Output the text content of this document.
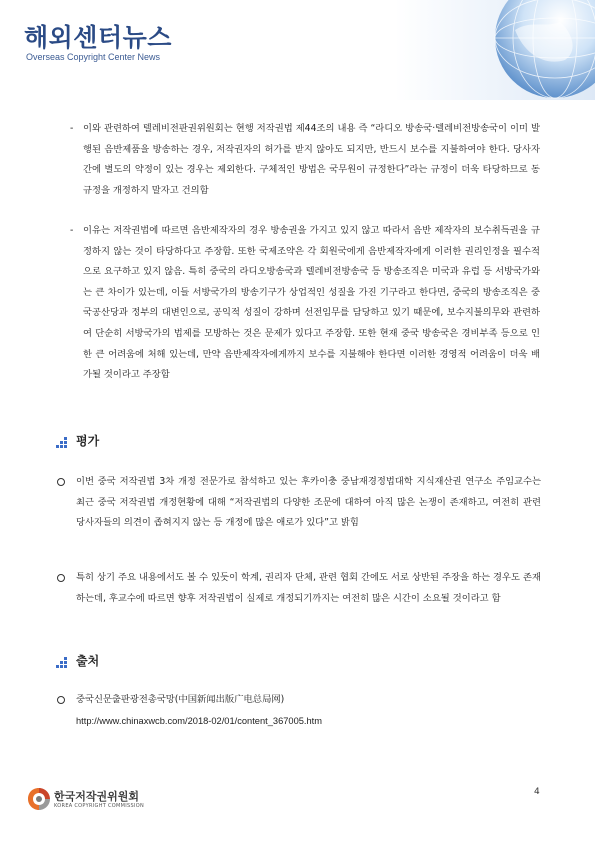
해외센터뉴스
Overseas Copyright Center News
- 이와 관련하여 텔레비전판권위원회는 현행 저작권법 제44조의 내용 즉 “라디오 방송국·텔레비전방송국이 이미 발행된 음반제품을 방송하는 경우, 저작권자의 허가를 받지 않아도 되지만, 반드시 보수를 지불하여야 한다. 당사자 간에 별도의 약정이 있는 경우는 제외한다. 구체적인 방법은 국무원이 규정한다”라는 규정이 더욱 타당하므로 동 규정을 개정하지 말자고 건의함
- 이유는 저작권법에 따르면 음반제작자의 경우 방송권을 가지고 있지 않고 따라서 음반 제작자의 보수취득권을 규정하지 않는 것이 타당하다고 주장함. 또한 국제조약은 각 회원국에게 음반제작자에게 이러한 권리인정을 필수적으로 요구하고 있지 않음. 특히 중국의 라디오방송국과 텔레비전방송국 등 방송조직은 미국과 유럽 등 서방국가와는 큰 차이가 있는데, 이들 서방국가의 방송기구가 상업적인 성질을 가진 기구라고 한다면, 중국의 방송조직은 중국공산당과 정부의 대변인으로, 공익적 성질이 강하며 선전임무를 담당하고 있기 때문에, 보수지불의무와 관련하여 단순히 서방국가의 법제를 모방하는 것은 문제가 있다고 주장함. 또한 현재 중국 방송국은 경비부족 등으로 인한 큰 어려움에 처해 있는데, 만약 음반제작자에게까지 보수를 지불해야 한다면 이러한 경영적 어려움이 더욱 배가될 것이라고 주장함
평가
이번 중국 저작권법 3차 개정 전문가로 참석하고 있는 후카이충 중남재경정법대학 지식재산권 연구소 주임교수는 최근 중국 저작권법 개정현황에 대해 “저작권법의 다양한 조문에 대하여 아직 많은 논쟁이 존재하고, 여전히 관련 당사자들의 의견이 좁혀지지 않는 등 개정에 많은 애로가 있다”고 밝힘
특히 상기 주요 내용에서도 볼 수 있듯이 학계, 권리자 단체, 관련 협회 간에도 서로 상반된 주장을 하는 경우도 존재하는데, 후교수에 따르면 향후 저작권법이 실제로 개정되기까지는 여전히 많은 시간이 소요될 것이라고 함
출처
중국신문출판광전총국망(中国新闻出版广电总局网)
http://www.chinaxwcb.com/2018-02/01/content_367005.htm
한국저작권위원회
KOREA COPYRIGHT COMMISSION
4
